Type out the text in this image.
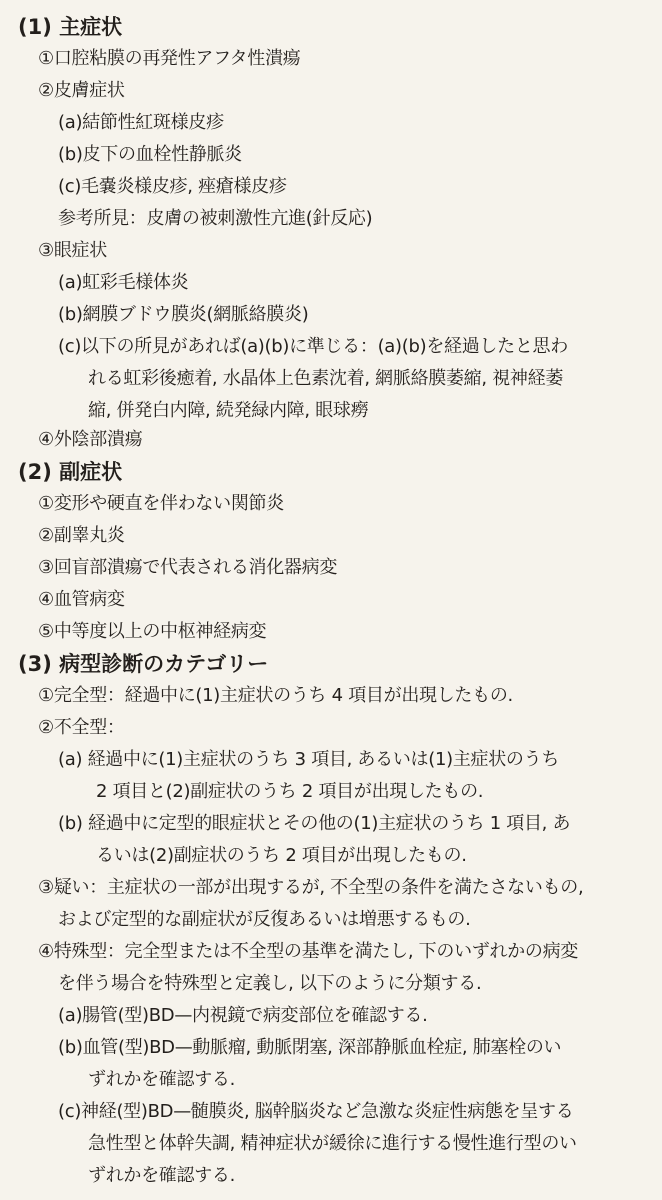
(1) 主症状
①口腔粘膜の再発性アフタ性潰瘍
②皮膚症状
(a)結節性紅斑様皮疹
(b)皮下の血栓性静脈炎
(c)毛嚢炎様皮疹, 痤瘡様皮疹
参考所見：皮膚の被刺激性亢進(針反応)
③眼症状
(a)虹彩毛様体炎
(b)網膜ブドウ膜炎(網脈絡膜炎)
(c)以下の所見があれば(a)(b)に準じる：(a)(b)を経過したと思わ
れる虹彩後癒着, 水晶体上色素沈着, 網脈絡膜萎縮, 視神経萎
縮, 併発白内障, 続発緑内障, 眼球癆
④外陰部潰瘍
(2) 副症状
①変形や硬直を伴わない関節炎
②副睾丸炎
③回盲部潰瘍で代表される消化器病変
④血管病変
⑤中等度以上の中枢神経病変
(3) 病型診断のカテゴリー
①完全型：経過中に(1)主症状のうち 4 項目が出現したもの.
②不全型：
(a) 経過中に(1)主症状のうち 3 項目, あるいは(1)主症状のうち
2 項目と(2)副症状のうち 2 項目が出現したもの.
(b) 経過中に定型的眼症状とその他の(1)主症状のうち 1 項目, あ
るいは(2)副症状のうち 2 項目が出現したもの.
③疑い：主症状の一部が出現するが, 不全型の条件を満たさないもの,
および定型的な副症状が反復あるいは増悪するもの.
④特殊型：完全型または不全型の基準を満たし, 下のいずれかの病変
を伴う場合を特殊型と定義し, 以下のように分類する.
(a)腸管(型)BD—内視鏡で病変部位を確認する.
(b)血管(型)BD—動脈瘤, 動脈閉塞, 深部静脈血栓症, 肺塞栓のい
ずれかを確認する.
(c)神経(型)BD—髄膜炎, 脳幹脳炎など急激な炎症性病態を呈する
急性型と体幹失調, 精神症状が緩徐に進行する慢性進行型のい
ずれかを確認する.
